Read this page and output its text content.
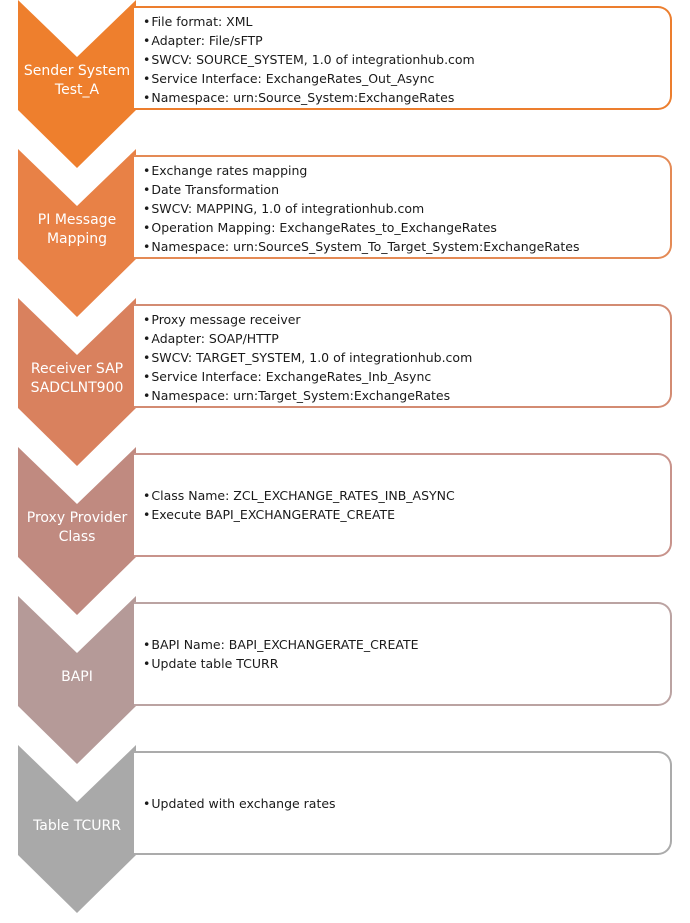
Sender System
Test_A
• File format: XML
• Adapter: File/sFTP
• SWCV: SOURCE_SYSTEM, 1.0 of integrationhub.com
• Service Interface: ExchangeRates_Out_Async
• Namespace: urn:Source_System:ExchangeRates
PI Message
Mapping
• Exchange rates mapping
• Date Transformation
• SWCV: MAPPING, 1.0 of integrationhub.com
• Operation Mapping: ExchangeRates_to_ExchangeRates
• Namespace: urn:SourceS_System_To_Target_System:ExchangeRates
Receiver SAP
SADCLNT900
• Proxy message receiver
• Adapter: SOAP/HTTP
• SWCV: TARGET_SYSTEM, 1.0 of integrationhub.com
• Service Interface: ExchangeRates_Inb_Async
• Namespace: urn:Target_System:ExchangeRates
Proxy Provider
Class
• Class Name: ZCL_EXCHANGE_RATES_INB_ASYNC
• Execute BAPI_EXCHANGERATE_CREATE
BAPI
• BAPI Name: BAPI_EXCHANGERATE_CREATE
• Update table TCURR
Table TCURR
• Updated with exchange rates
